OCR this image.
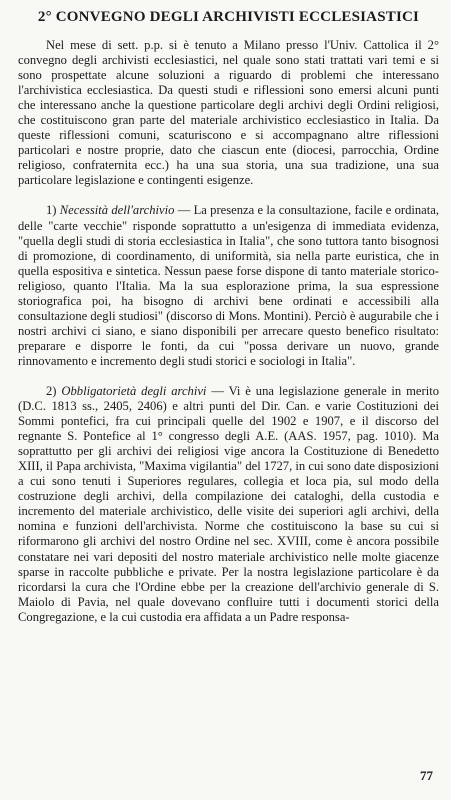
2° CONVEGNO DEGLI ARCHIVISTI ECCLESIASTICI

Nel mese di sett. p.p. si è tenuto a Milano presso l'Univ. Cattolica il 2° convegno degli archivisti ecclesiastici, nel quale sono stati trattati vari temi e si sono prospettate alcune soluzioni a riguardo di problemi che interessano l'archivistica ecclesiastica. Da questi studi e riflessioni sono emersi alcuni punti che interessano anche la questione particolare degli archivi degli Ordini religiosi, che costituiscono gran parte del materiale archivistico ecclesiastico in Italia. Da queste riflessioni comuni, scaturiscono e si accompagnano altre riflessioni particolari e nostre proprie, dato che ciascun ente (diocesi, parrocchia, Ordine religioso, confraternita ecc.) ha una sua storia, una sua tradizione, una sua particolare legislazione e contingenti esigenze.

1) Necessità dell'archivio — La presenza e la consultazione, facile e ordinata, delle "carte vecchie" risponde soprattutto a un'esigenza di immediata evidenza, "quella degli studi di storia ecclesiastica in Italia", che sono tuttora tanto bisognosi di promozione, di coordinamento, di uniformità, sia nella parte euristica, che in quella espositiva e sintetica. Nessun paese forse dispone di tanto materiale storico-religioso, quanto l'Italia. Ma la sua esplorazione prima, la sua espressione storiografica poi, ha bisogno di archivi bene ordinati e accessibili alla consultazione degli studiosi" (discorso di Mons. Montini). Perciò è augurabile che i nostri archivi ci siano, e siano disponibili per arrecare questo benefico risultato: preparare e disporre le fonti, da cui "possa derivare un nuovo, grande rinnovamento e incremento degli studi storici e sociologi in Italia".

2) Obbligatorietà degli archivi — Vi è una legislazione generale in merito (D.C. 1813 ss., 2405, 2406) e altri punti del Dir. Can. e varie Costituzioni dei Sommi pontefici, fra cui principali quelle del 1902 e 1907, e il discorso del regnante S. Pontefice al 1° congresso degli A.E. (AAS. 1957, pag. 1010). Ma soprattutto per gli archivi dei religiosi vige ancora la Costituzione di Benedetto XIII, il Papa archivista, "Maxima vigilantia" del 1727, in cui sono date disposizioni a cui sono tenuti i Superiores regulares, collegia et loca pia, sul modo della costruzione degli archivi, della compilazione dei cataloghi, della custodia e incremento del materiale archivistico, delle visite dei superiori agli archivi, della nomina e funzioni dell'archivista. Norme che costituiscono la base su cui si riformarono gli archivi del nostro Ordine nel sec. XVIII, come è ancora possibile constatare nei vari depositi del nostro materiale archivistico nelle molte giacenze sparse in raccolte pubbliche e private. Per la nostra legislazione particolare è da ricordarsi la cura che l'Ordine ebbe per la creazione dell'archivio generale di S. Maiolo di Pavia, nel quale dovevano confluire tutti i documenti storici della Congregazione, e la cui custodia era affidata a un Padre responsa-

77
